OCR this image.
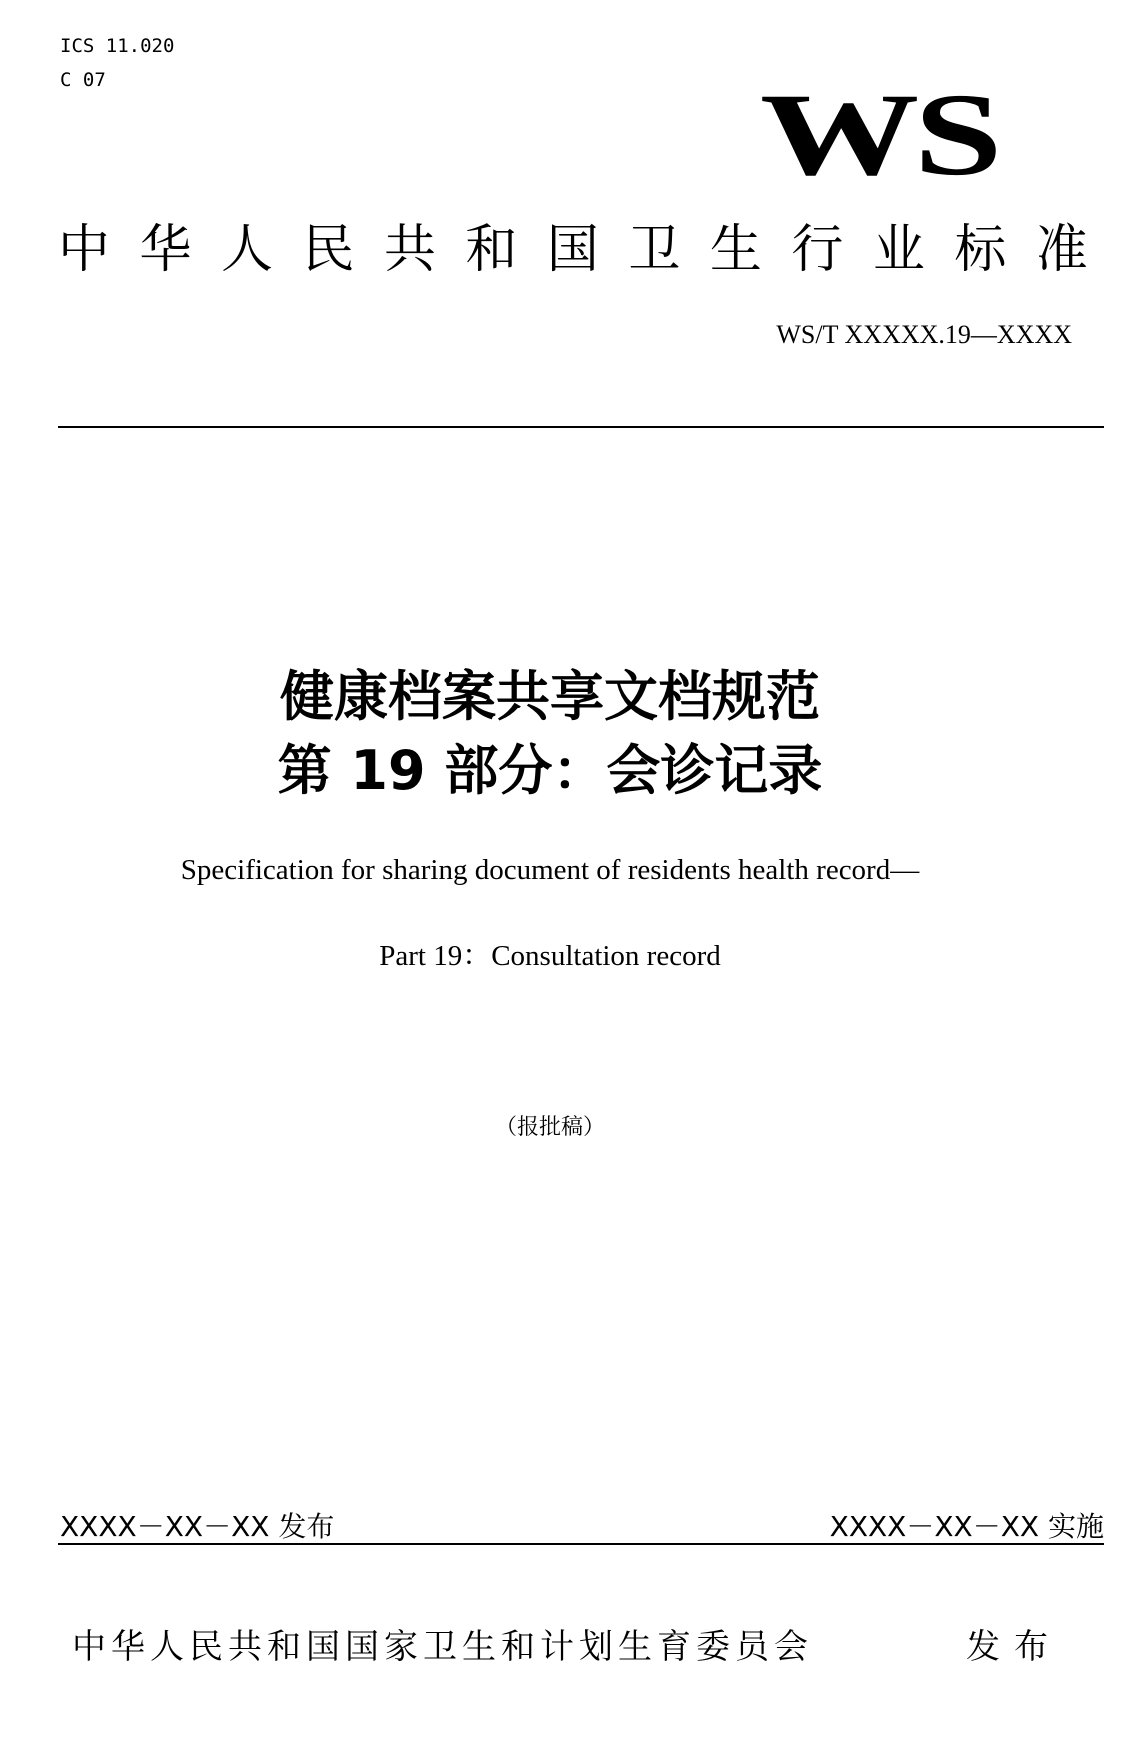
ICS 11.020
C 07	WS
中 华 人 民 共 和 国 卫 生 行 业 标 准
WS/T XXXXX.19—XXXX
健康档案共享文档规范
第 19 部分：会诊记录
Specification for sharing document of residents health record—
Part 19：Consultation record
（报批稿）
XXXX－XX－XX 发布	XXXX－XX－XX 实施
中华人民共和国国家卫生和计划生育委员会	发布
